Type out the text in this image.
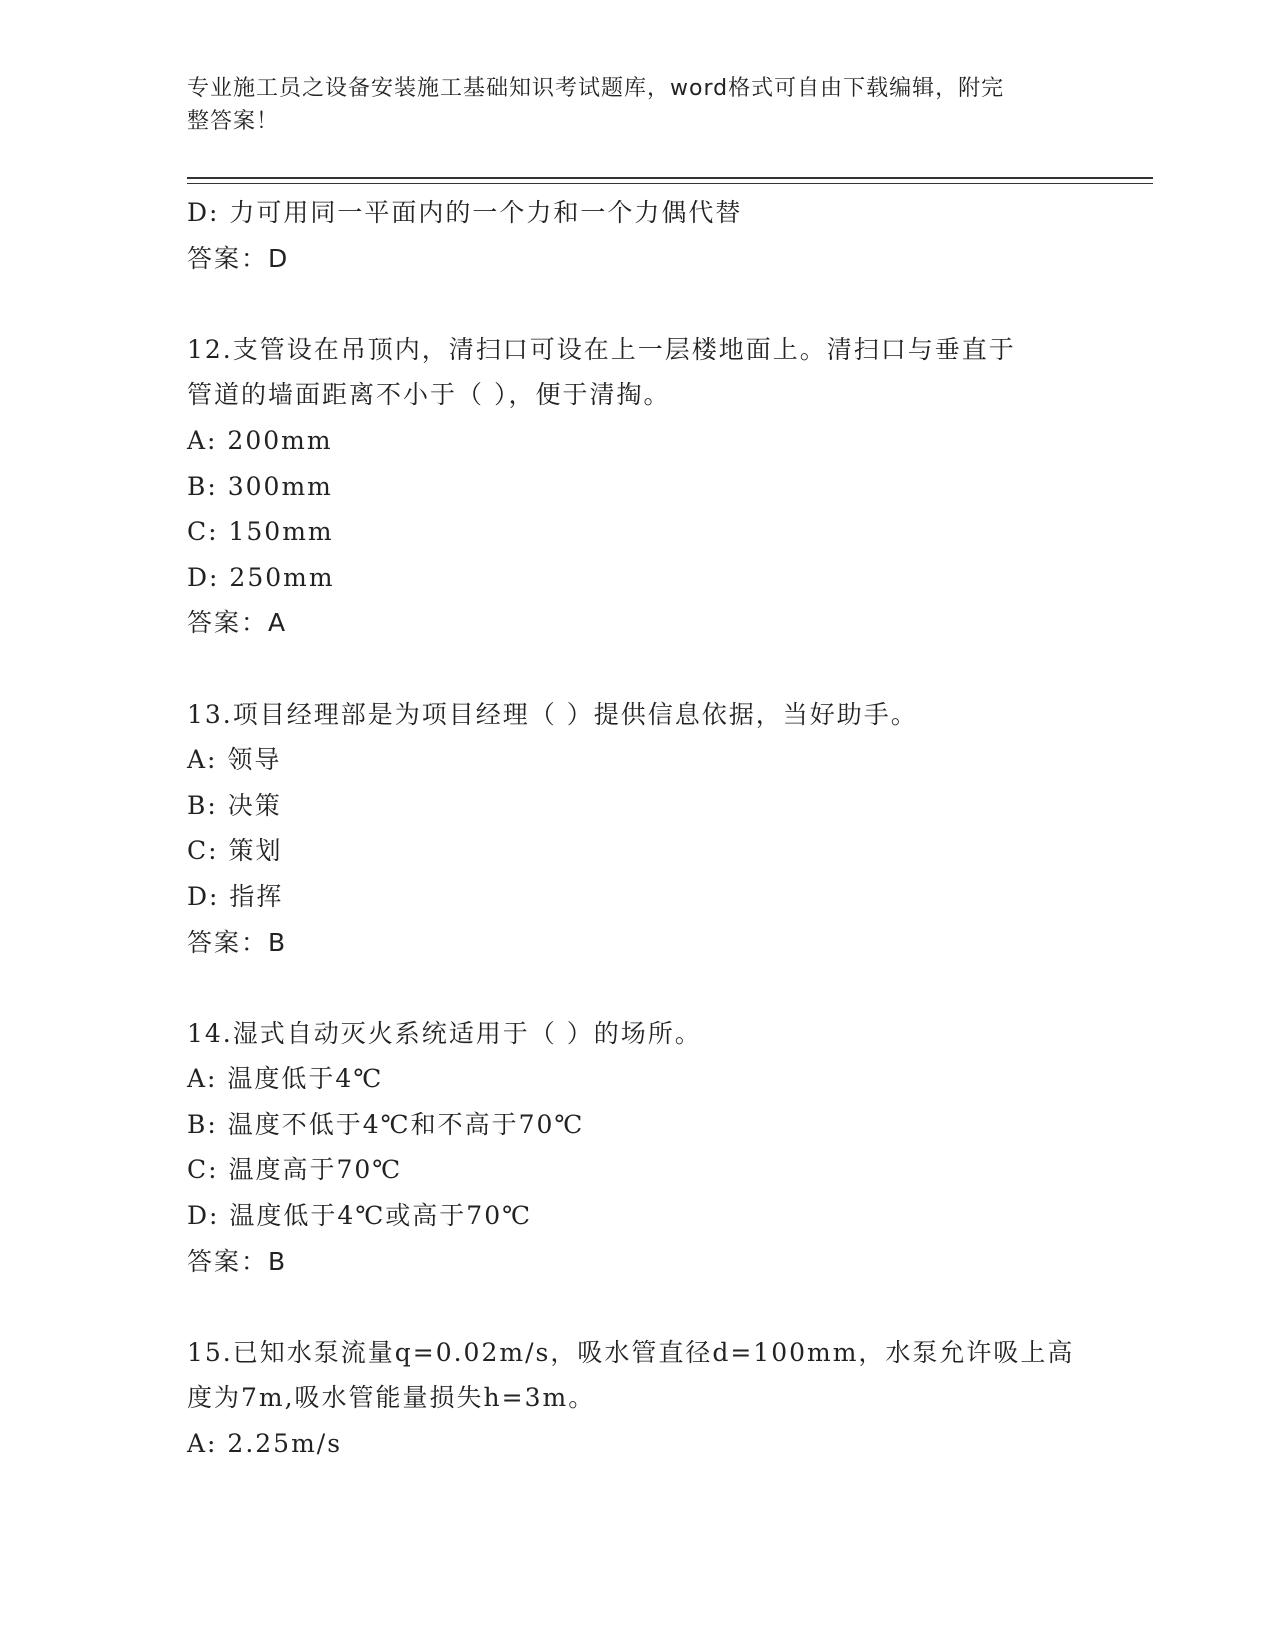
专业施工员之设备安装施工基础知识考试题库，word格式可自由下载编辑，附完
整答案！
D: 力可用同一平面内的一个力和一个力偶代替
答案：D
12.支管设在吊顶内，清扫口可设在上一层楼地面上。清扫口与垂直于
管道的墙面距离不小于（ ），便于清掏。
A: 200mm
B: 300mm
C: 150mm
D: 250mm
答案：A
13.项目经理部是为项目经理（ ）提供信息依据，当好助手。
A: 领导
B: 决策
C: 策划
D: 指挥
答案：B
14.湿式自动灭火系统适用于（ ）的场所。
A: 温度低于4℃
B: 温度不低于4℃和不高于70℃
C: 温度高于70℃
D: 温度低于4℃或高于70℃
答案：B
15.已知水泵流量q=0.02m/s，吸水管直径d=100mm，水泵允许吸上高
度为7m,吸水管能量损失h=3m。
A: 2.25m/s
